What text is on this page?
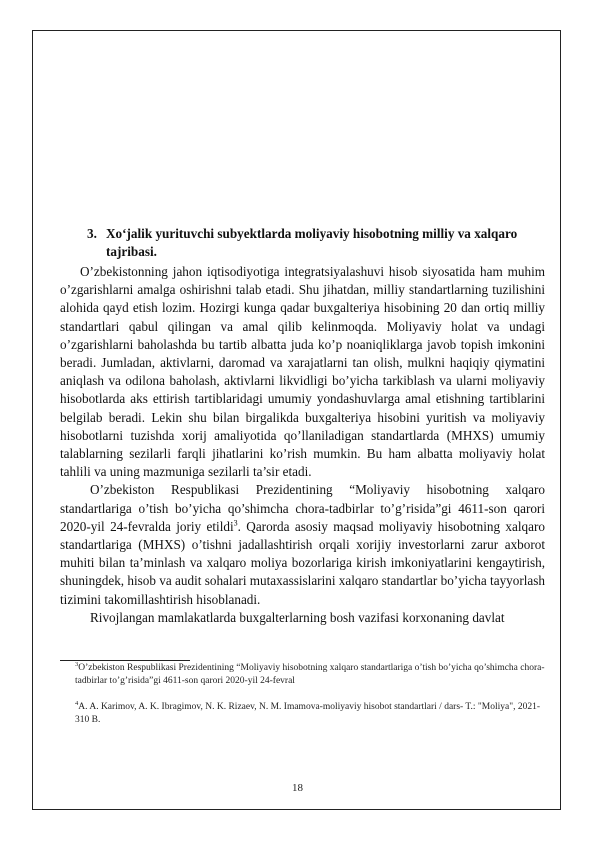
3. Xo‘jalik yurituvchi subyektlarda moliyaviy hisobotning milliy va xalqaro tajribasi.

O’zbekistonning jahon iqtisodiyotiga integratsiyalashuvi hisob siyosatida ham muhim o’zgarishlarni amalga oshirishni talab etadi. Shu jihatdan, milliy standartlarning tuzilishini alohida qayd etish lozim. Hozirgi kunga qadar buxgalteriya hisobining 20 dan ortiq milliy standartlari qabul qilingan va amal qilib kelinmoqda. Moliyaviy holat va undagi o’zgarishlarni baholashda bu tartib albatta juda ko’p noaniqliklarga javob topish imkonini beradi. Jumladan, aktivlarni, daromad va xarajatlarni tan olish, mulkni haqiqiy qiymatini aniqlash va odilona baholash, aktivlarni likvidligi bo’yicha tarkiblash va ularni moliyaviy hisobotlarda aks ettirish tartiblaridagi umumiy yondashuvlarga amal etishning tartiblarini belgilab beradi. Lekin shu bilan birgalikda buxgalteriya hisobini yuritish va moliyaviy hisobotlarni tuzishda xorij amaliyotida qo’llaniladigan standartlarda (MHXS) umumiy talablarning sezilarli farqli jihatlarini ko’rish mumkin. Bu ham albatta moliyaviy holat tahlili va uning mazmuniga sezilarli ta’sir etadi.

O’zbekiston Respublikasi Prezidentining “Moliyaviy hisobotning xalqaro standartlariga o’tish bo’yicha qo’shimcha chora-tadbirlar to’g’risida”gi 4611-son qarori 2020-yil 24-fevralda joriy etildi$^3$. Qarorda asosiy maqsad moliyaviy hisobotning xalqaro standartlariga (MHXS) o’tishni jadallashtirish orqali xorijiy investorlarni zarur axborot muhiti bilan ta’minlash va xalqaro moliya bozorlariga kirish imkoniyatlarini kengaytirish, shuningdek, hisob va audit sohalari mutaxassislarini xalqaro standartlar bo’yicha tayyorlash tizimini takomillashtirish hisoblanadi.

Rivojlangan mamlakatlarda buxgalterlarning bosh vazifasi korxonaning davlat

$^3$O’zbekiston Respublikasi Prezidentining “Moliyaviy hisobotning xalqaro standartlariga o’tish bo’yicha qo’shimcha chora-tadbirlar to’g’risida”gi 4611-son qarori 2020-yil 24-fevral
$^4$A. A. Karimov, A. K. Ibragimov, N. K. Rizaev, N. M. Imamova-moliyaviy hisobot standartlari / dars- T.: "Moliya", 2021-310 B.
18
